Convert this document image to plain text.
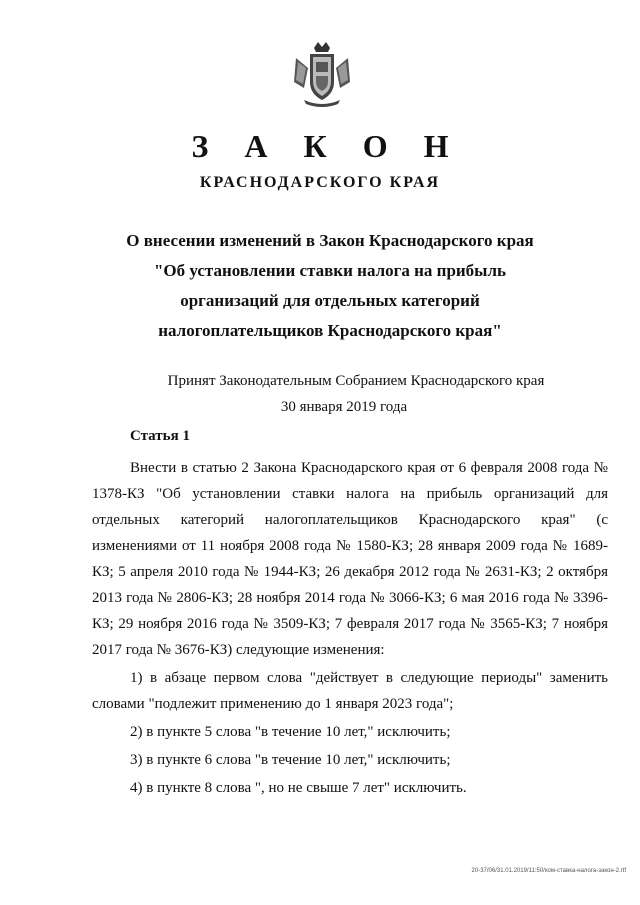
З А К О Н
КРАСНОДАРСКОГО КРАЯ
О внесении изменений в Закон Краснодарского края
"Об установлении ставки налога на прибыль
организаций для отдельных категорий
налогоплательщиков Краснодарского края"
Принят Законодательным Собранием Краснодарского края
30 января 2019 года
Статья 1

Внести в статью 2 Закона Краснодарского края от 6 февраля 2008 года № 1378-КЗ "Об установлении ставки налога на прибыль организаций для отдельных категорий налогоплательщиков Краснодарского края" (с изменениями от 11 ноября 2008 года № 1580-КЗ; 28 января 2009 года № 1689-КЗ; 5 апреля 2010 года № 1944-КЗ; 26 декабря 2012 года № 2631-КЗ; 2 октября 2013 года № 2806-КЗ; 28 ноября 2014 года № 3066-КЗ; 6 мая 2016 года № 3396-КЗ; 29 ноября 2016 года № 3509-КЗ; 7 февраля 2017 года № 3565-КЗ; 7 ноября 2017 года № 3676-КЗ) следующие изменения:

1) в абзаце первом слова "действует в следующие периоды" заменить словами "подлежит применению до 1 января 2023 года";

2) в пункте 5 слова "в течение 10 лет," исключить;

3) в пункте 6 слова "в течение 10 лет," исключить;

4) в пункте 8 слова ", но не свыше 7 лет" исключить.

20-37/06/31.01.2019/11:50/ком-ставка-налога-закон-2.rtf
